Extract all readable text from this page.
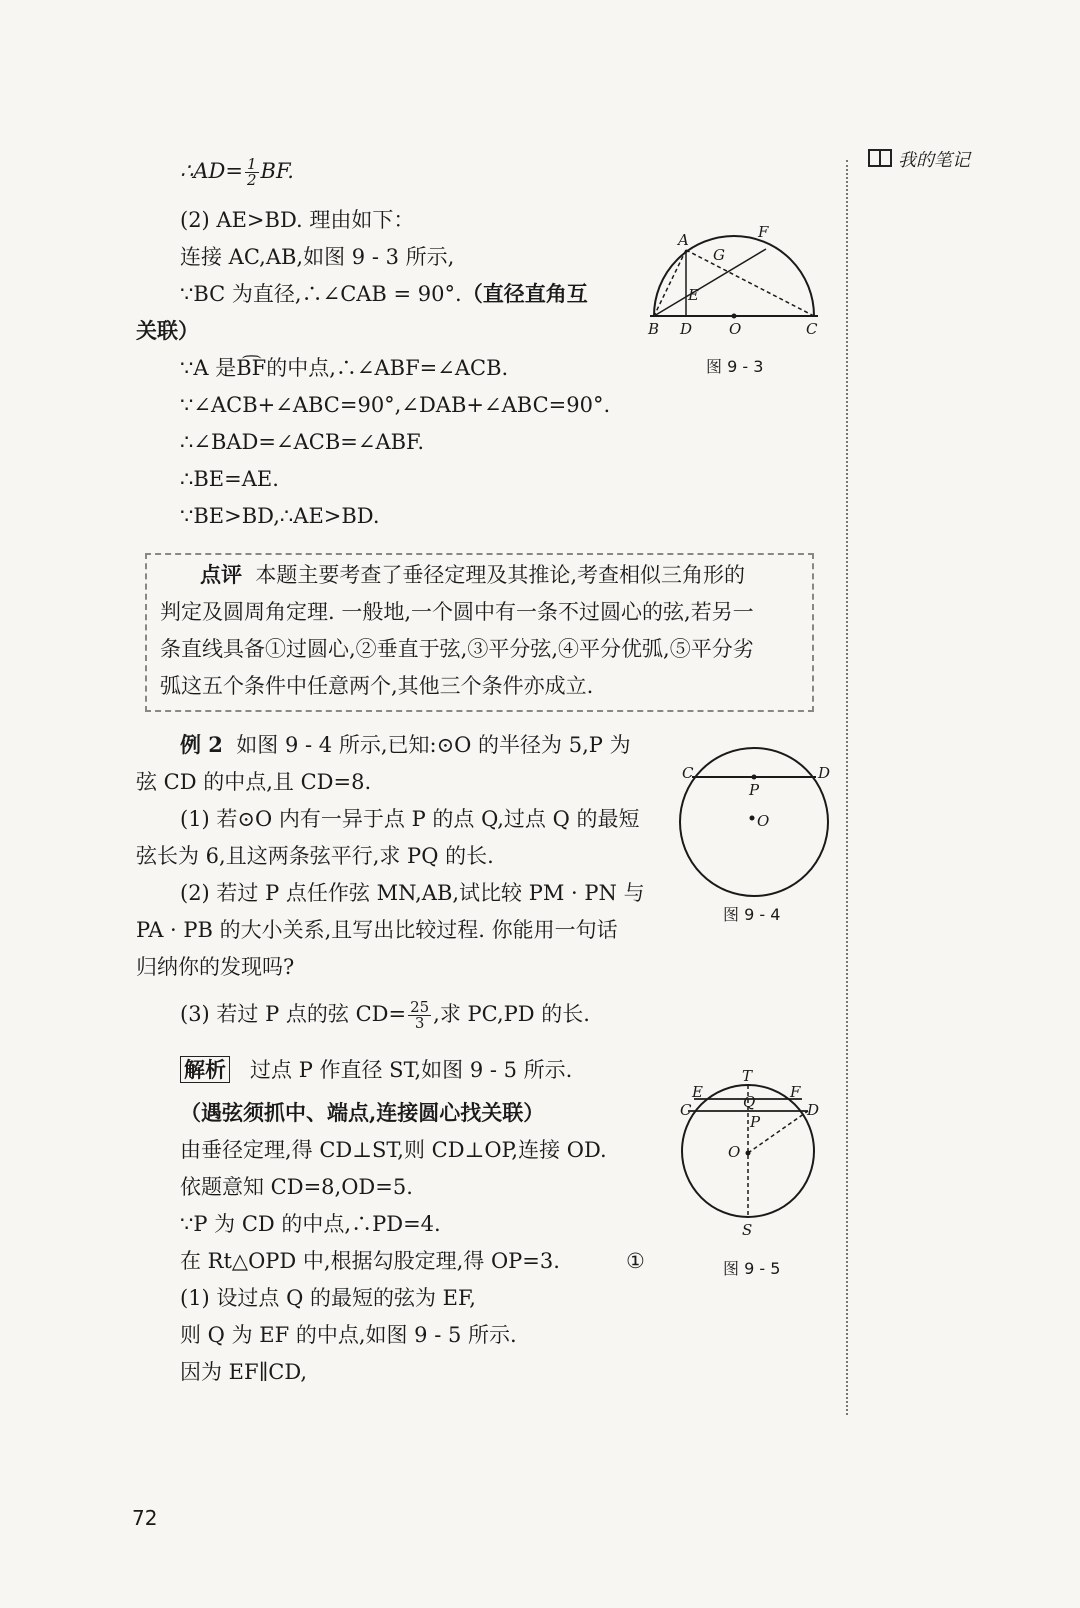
我的笔记
∴AD= $\frac{1}{2}$ BF.
(2) AE>BD. 理由如下：
连接 AC,AB,如图 9 - 3 所示,
∵BC 为直径,∴∠CAB = 90°.（直径直角互
关联）
∵A 是B͡F的中点,∴∠ABF=∠ACB.
∵∠ACB+∠ABC=90°,∠DAB+∠ABC=90°.
∴∠BAD=∠ACB=∠ABF.
∴BE=AE.
∵BE>BD,∴AE>BD.
A	F
G
E
B D O	C
图 9 - 3
点评 本题主要考查了垂径定理及其推论,考查相似三角形的
判定及圆周角定理. 一般地,一个圆中有一条不过圆心的弦,若另一
条直线具备①过圆心,②垂直于弦,③平分弦,④平分优弧,⑤平分劣
弧这五个条件中任意两个,其他三个条件亦成立.
例 2 如图 9 - 4 所示,已知:⊙O 的半径为 5,P 为
弦 CD 的中点,且 CD=8.
(1) 若⊙O 内有一异于点 P 的点 Q,过点 Q 的最短
弦长为 6,且这两条弦平行,求 PQ 的长.
(2) 若过 P 点任作弦 MN,AB,试比较 PM · PN 与
PA · PB 的大小关系,且写出比较过程. 你能用一句话
归纳你的发现吗?
(3) 若过 P 点的弦 $CD= \frac{25}{3}$ ,求 PC,PD 的长.
C	D
P
O
图 9 - 4
解析 过点 P 作直径 ST,如图 9 - 5 所示.
（遇弦须抓中、端点,连接圆心找关联）
由垂径定理,得 CD⊥ST,则 CD⊥OP,连接 OD.
依题意知 CD=8,OD=5.
∵P 为 CD 的中点,∴PD=4.
在 Rt△OPD 中,根据勾股定理,得 OP=3.	①
(1) 设过点 Q 的最短的弦为 EF,
则 Q 为 EF 的中点,如图 9 - 5 所示.
因为 EF∥CD,
T
E	F
C	D
Q
P
O
S
图 9 - 5
72
